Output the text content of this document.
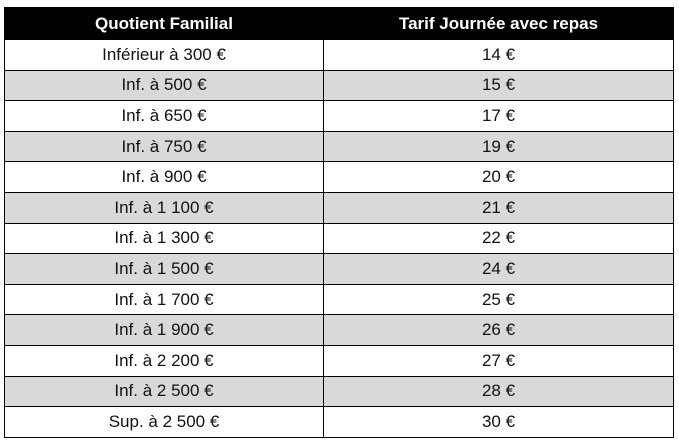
Quotient Familial	Tarif Journée avec repas
Inférieur à 300 €	14 €
Inf. à 500 €	15 €
Inf. à 650 €	17 €
Inf. à 750 €	19 €
Inf. à 900 €	20 €
Inf. à 1 100 €	21 €
Inf. à 1 300 €	22 €
Inf. à 1 500 €	24 €
Inf. à 1 700 €	25 €
Inf. à 1 900 €	26 €
Inf. à 2 200 €	27 €
Inf. à 2 500 €	28 €
Sup. à 2 500 €	30 €
